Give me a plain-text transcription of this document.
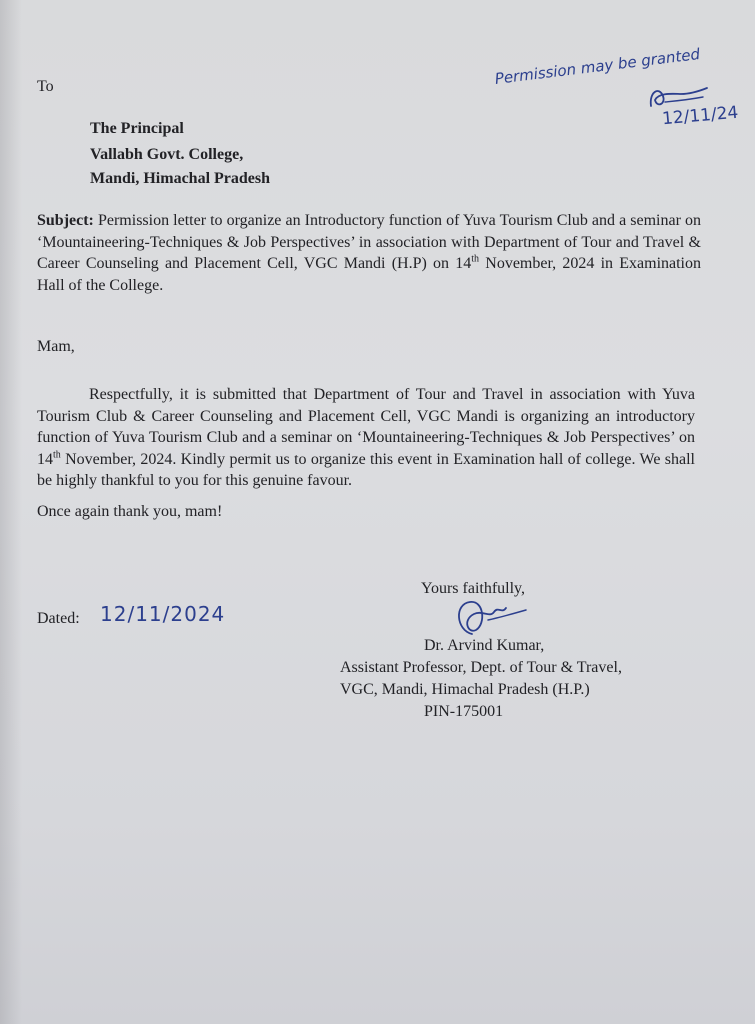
To
The Principal
Vallabh Govt. College,
Mandi, Himachal Pradesh
Permission may be granted
12/11/24
Subject: Permission letter to organize an Introductory function of Yuva Tourism Club and a seminar on ‘Mountaineering-Techniques & Job Perspectives’ in association with Department of Tour and Travel & Career Counseling and Placement Cell, VGC Mandi (H.P) on 14th November, 2024 in Examination Hall of the College.
Mam,
Respectfully, it is submitted that Department of Tour and Travel in association with Yuva Tourism Club & Career Counseling and Placement Cell, VGC Mandi is organizing an introductory function of Yuva Tourism Club and a seminar on ‘Mountaineering-Techniques & Job Perspectives’ on 14th November, 2024. Kindly permit us to organize this event in Examination hall of college. We shall be highly thankful to you for this genuine favour.
Once again thank you, mam!
Yours faithfully,
Dated: 12/11/2024
Dr. Arvind Kumar,
Assistant Professor, Dept. of Tour & Travel,
VGC, Mandi, Himachal Pradesh (H.P.)
PIN-175001
